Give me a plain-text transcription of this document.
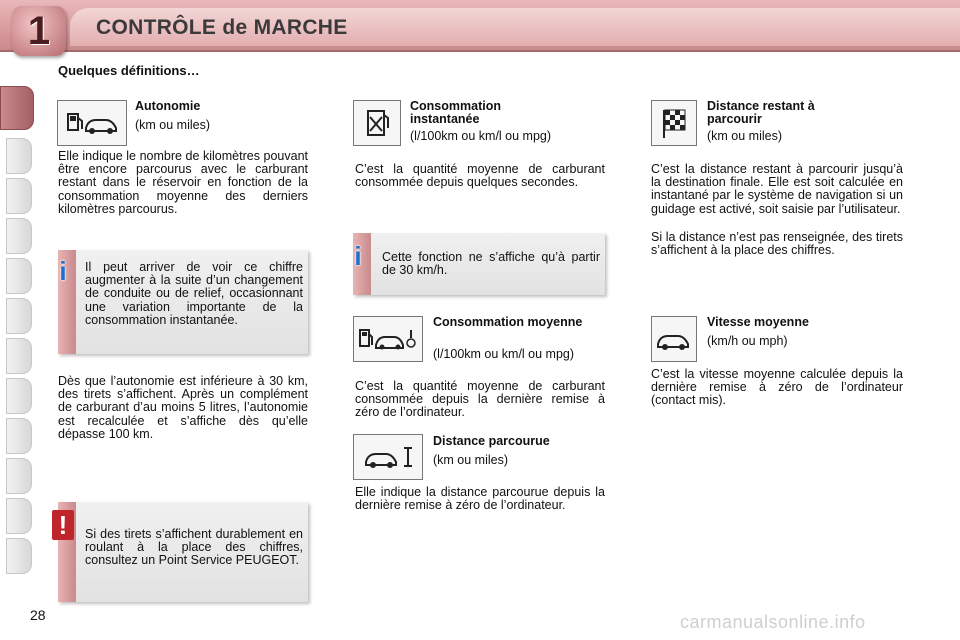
1	CONTRÔLE de MARCHE
Quelques définitions…
Autonomie
(km ou miles)
Elle indique le nombre de kilomètres pouvant être encore parcourus avec le carburant restant dans le réservoir en fonction de la consommation moyenne des derniers kilomètres parcourus.
i	Il peut arriver de voir ce chiffre augmenter à la suite d’un changement de conduite ou de relief, occasionnant une variation importante de la consommation instantanée.
Dès que l’autonomie est inférieure à 30 km, des tirets s’affichent. Après un complément de carburant d’au moins 5 litres, l’autonomie est recalculée et s’affiche dès qu’elle dépasse 100 km.
!	Si des tirets s’affichent durablement en roulant à la place des chiffres, consultez un Point Service PEUGEOT.
Consommation instantanée
(l/100km ou km/l ou mpg)
C’est la quantité moyenne de carburant consommée depuis quelques secondes.
i	Cette fonction ne s’affiche qu’à partir de 30 km/h.
Consommation moyenne
(l/100km ou km/l ou mpg)
C’est la quantité moyenne de carburant consommée depuis la dernière remise à zéro de l’ordinateur.
Distance parcourue
(km ou miles)
Elle indique la distance parcourue depuis la dernière remise à zéro de l’ordinateur.
Distance restant à parcourir
(km ou miles)
C’est la distance restant à parcourir jusqu’à la destination finale. Elle est soit calculée en instantané par le système de navigation si un guidage est activé, soit saisie par l’utilisateur.
Si la distance n’est pas renseignée, des tirets s’affichent à la place des chiffres.
Vitesse moyenne
(km/h ou mph)
C’est la vitesse moyenne calculée depuis la dernière remise à zéro de l’ordinateur (contact mis).
28	carmanualsonline.info
